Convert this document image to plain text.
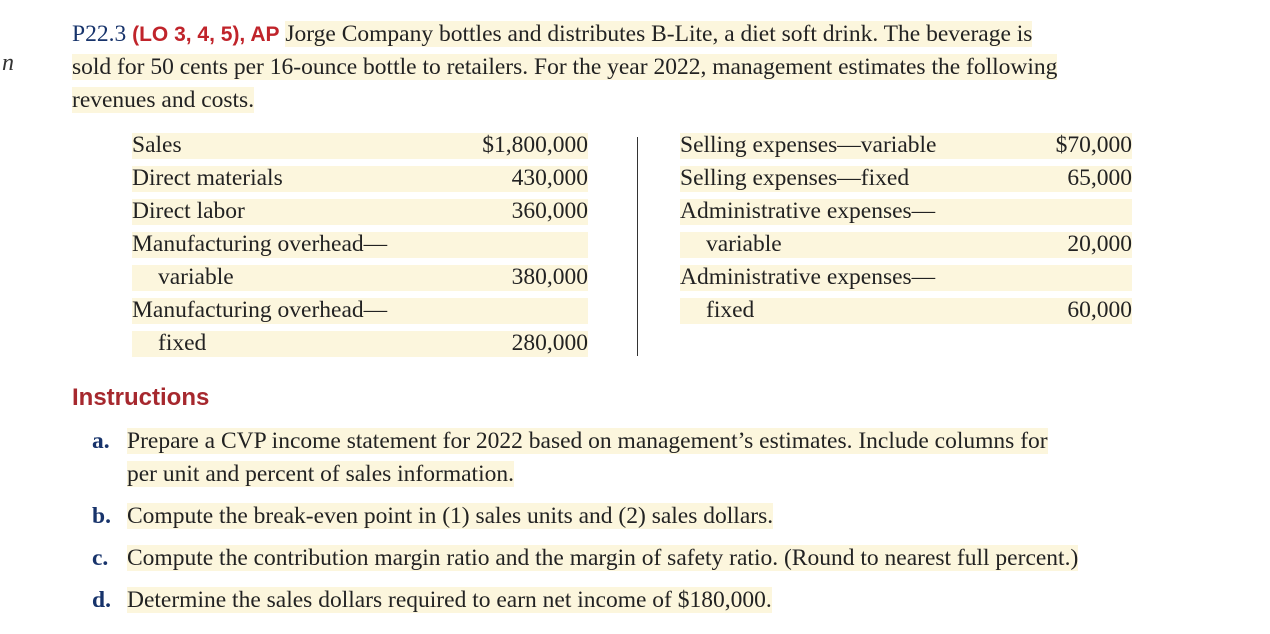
n
P22.3 (LO 3, 4, 5), AP Jorge Company bottles and distributes B-Lite, a diet soft drink. The beverage is
sold for 50 cents per 16-ounce bottle to retailers. For the year 2022, management estimates the following
revenues and costs.
Sales	$1,800,000
Direct materials	430,000
Direct labor	360,000
Manufacturing overhead—
variable	380,000
Manufacturing overhead—
fixed	280,000
Selling expenses—variable	$70,000
Selling expenses—fixed	65,000
Administrative expenses—
variable	20,000
Administrative expenses—
fixed	60,000
Instructions
a. Prepare a CVP income statement for 2022 based on management’s estimates. Include columns for
per unit and percent of sales information.
b. Compute the break-even point in (1) sales units and (2) sales dollars.
c. Compute the contribution margin ratio and the margin of safety ratio. (Round to nearest full percent.)
d. Determine the sales dollars required to earn net income of $180,000.
